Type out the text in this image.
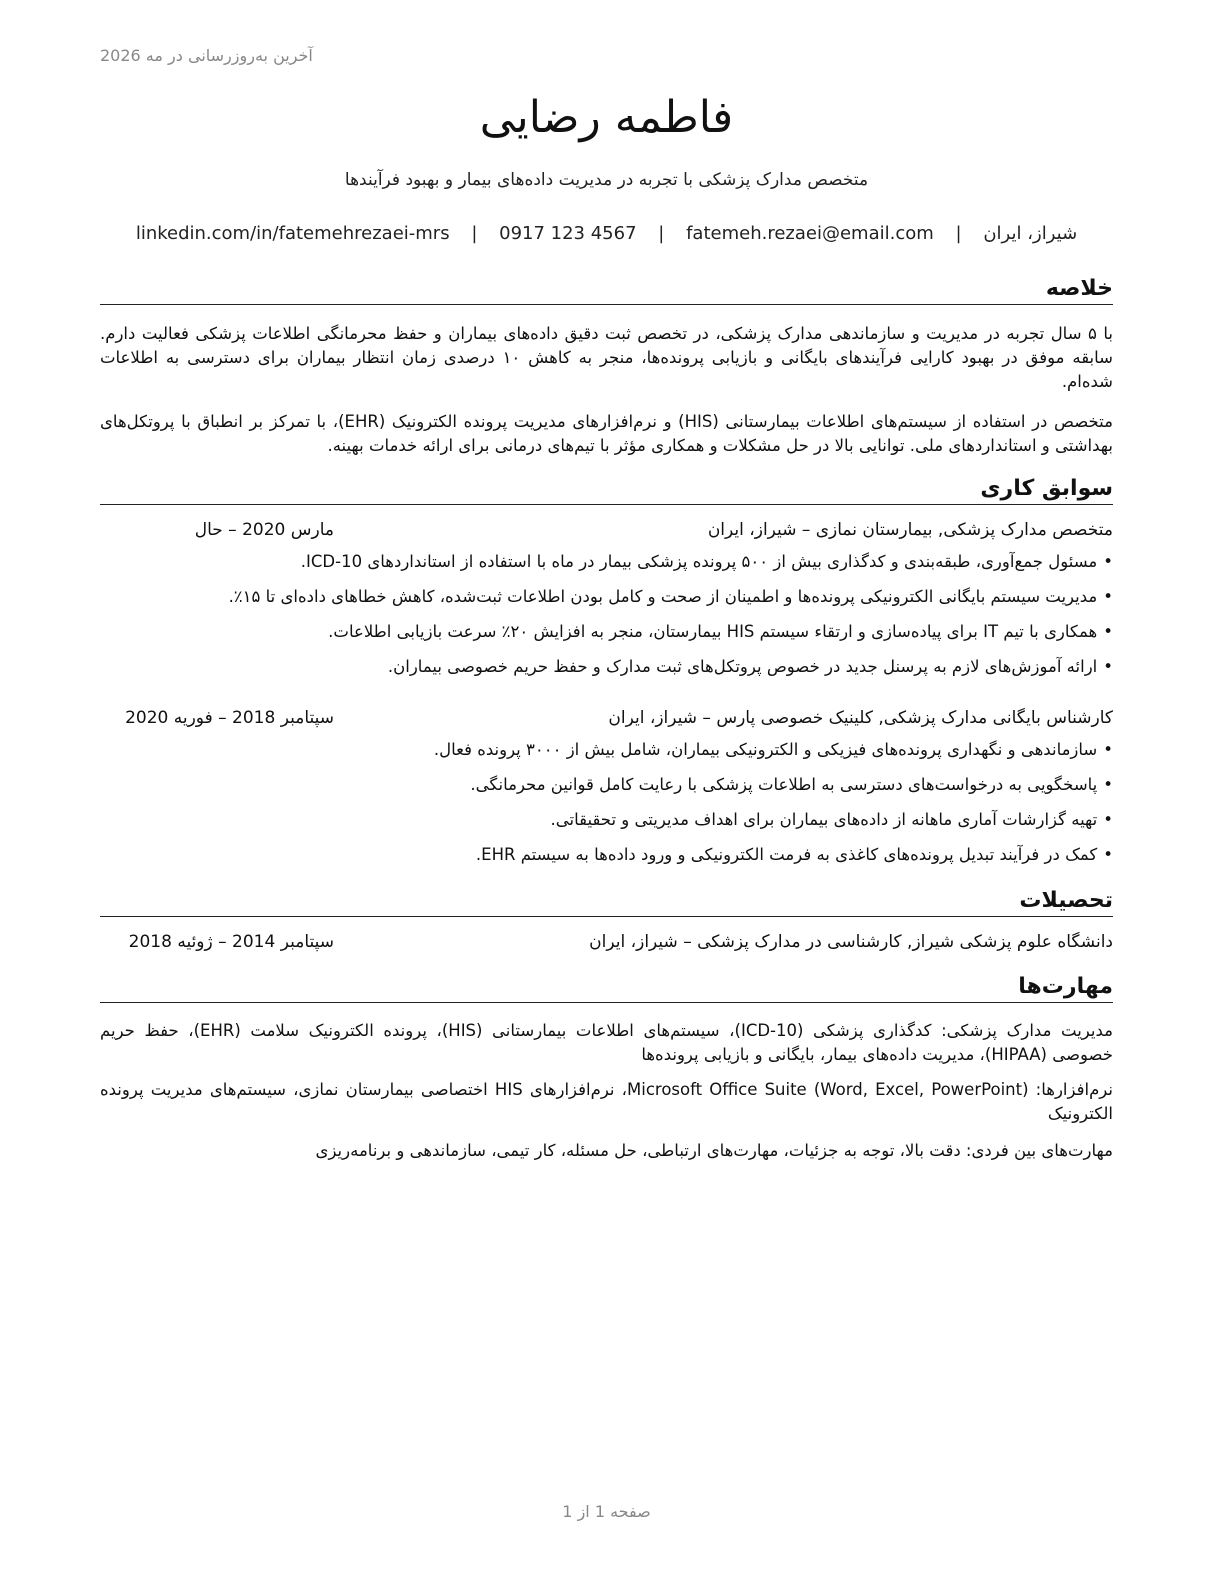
آخرین به‌روزرسانی در مه 2026
فاطمه رضایی
متخصص مدارک پزشکی با تجربه در مدیریت داده‌های بیمار و بهبود فرآیندها
شیراز، ایران | fatemeh.rezaei@email.com | 0917 123 4567 | linkedin.com/in/fatemehrezaei-mrs
خلاصه

با ۵ سال تجربه در مدیریت و سازماندهی مدارک پزشکی، در تخصص ثبت دقیق داده‌های بیماران و حفظ محرمانگی اطلاعات پزشکی فعالیت دارم. سابقه موفق در بهبود کارایی فرآیندهای بایگانی و بازیابی پرونده‌ها، منجر به کاهش ۱۰ درصدی زمان انتظار بیماران برای دسترسی به اطلاعات شده‌ام.

متخصص در استفاده از سیستم‌های اطلاعات بیمارستانی (HIS) و نرم‌افزارهای مدیریت پرونده الکترونیک (EHR)، با تمرکز بر انطباق با پروتکل‌های بهداشتی و استانداردهای ملی. توانایی بالا در حل مشکلات و همکاری مؤثر با تیم‌های درمانی برای ارائه خدمات بهینه.

سوابق کاری
متخصص مدارک پزشکی, بیمارستان نمازی – شیراز، ایران
مارس 2020 – حال
•مسئول جمع‌آوری، طبقه‌بندی و کدگذاری بیش از ۵۰۰ پرونده پزشکی بیمار در ماه با استفاده از استانداردهای ICD-10.
•مدیریت سیستم بایگانی الکترونیکی پرونده‌ها و اطمینان از صحت و کامل بودن اطلاعات ثبت‌شده، کاهش خطاهای داده‌ای تا ۱۵٪.
•همکاری با تیم IT برای پیاده‌سازی و ارتقاء سیستم HIS بیمارستان، منجر به افزایش ۲۰٪ سرعت بازیابی اطلاعات.
•ارائه آموزش‌های لازم به پرسنل جدید در خصوص پروتکل‌های ثبت مدارک و حفظ حریم خصوصی بیماران.
کارشناس بایگانی مدارک پزشکی, کلینیک خصوصی پارس – شیراز، ایران
سپتامبر 2018 – فوریه 2020
•سازماندهی و نگهداری پرونده‌های فیزیکی و الکترونیکی بیماران، شامل بیش از ۳۰۰۰ پرونده فعال.
•پاسخگویی به درخواست‌های دسترسی به اطلاعات پزشکی با رعایت کامل قوانین محرمانگی.
•تهیه گزارشات آماری ماهانه از داده‌های بیماران برای اهداف مدیریتی و تحقیقاتی.
•کمک در فرآیند تبدیل پرونده‌های کاغذی به فرمت الکترونیکی و ورود داده‌ها به سیستم EHR.
تحصیلات
دانشگاه علوم پزشکی شیراز, کارشناسی در مدارک پزشکی – شیراز، ایران
سپتامبر 2014 – ژوئیه 2018
مهارت‌ها

مدیریت مدارک پزشکی: کدگذاری پزشکی (ICD-10)، سیستم‌های اطلاعات بیمارستانی (HIS)، پرونده الکترونیک سلامت (EHR)، حفظ حریم خصوصی (HIPAA)، مدیریت داده‌های بیمار، بایگانی و بازیابی پرونده‌ها

نرم‌افزارها: Microsoft Office Suite (Word, Excel, PowerPoint)، نرم‌افزارهای HIS اختصاصی بیمارستان نمازی، سیستم‌های مدیریت پرونده الکترونیک

مهارت‌های بین فردی: دقت بالا، توجه به جزئیات، مهارت‌های ارتباطی، حل مسئله، کار تیمی، سازماندهی و برنامه‌ریزی

صفحه 1 از 1
